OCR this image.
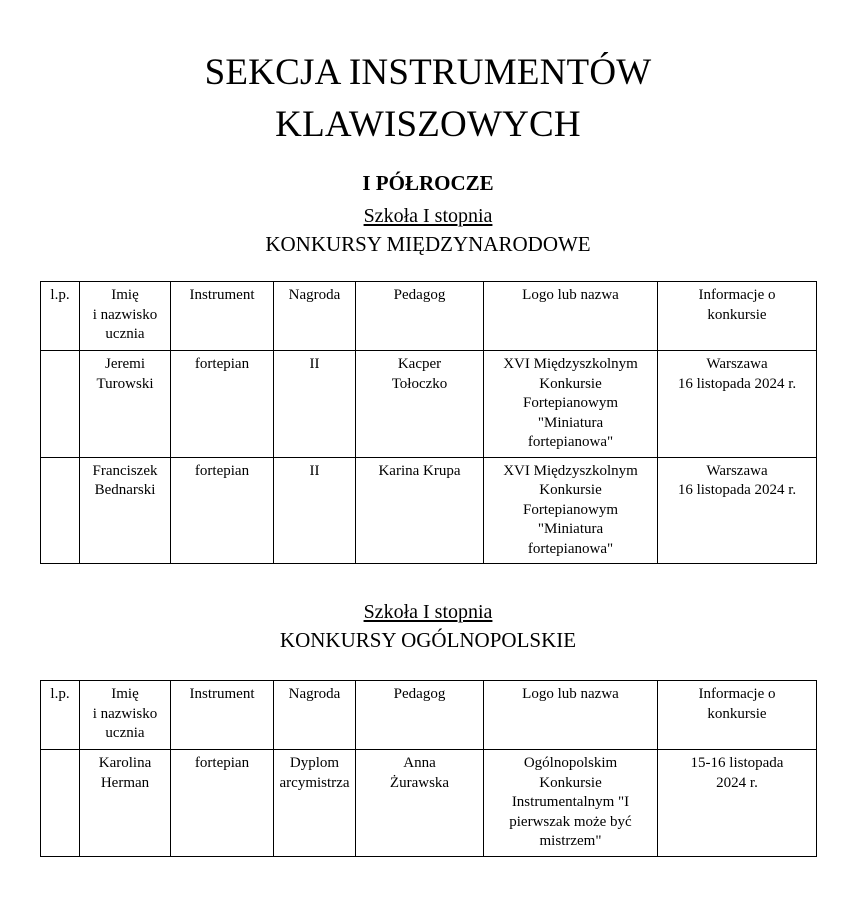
SEKCJA INSTRUMENTÓW
KLAWISZOWYCH

I PÓŁROCZE

Szkoła I stopnia

KONKURSY MIĘDZYNARODOWE

l.p.	Imię
i nazwisko
ucznia	Instrument	Nagroda	Pedagog	Logo lub nazwa	Informacje o
konkursie

	Jeremi
Turowski	fortepian	II	Kacper
Tołoczko	XVI Międzyszkolnym
Konkursie
Fortepianowym
"Miniatura
fortepianowa"	Warszawa
16 listopada 2024 r.

	Franciszek
Bednarski	fortepian	II	Karina Krupa	XVI Międzyszkolnym
Konkursie
Fortepianowym
"Miniatura
fortepianowa"	Warszawa
16 listopada 2024 r.

Szkoła I stopnia

KONKURSY OGÓLNOPOLSKIE

l.p.	Imię
i nazwisko
ucznia	Instrument	Nagroda	Pedagog	Logo lub nazwa	Informacje o
konkursie

	Karolina
Herman	fortepian	Dyplom
arcymistrza	Anna
Żurawska	Ogólnopolskim
Konkursie
Instrumentalnym "I
pierwszak może być
mistrzem"	15-16 listopada
2024 r.
